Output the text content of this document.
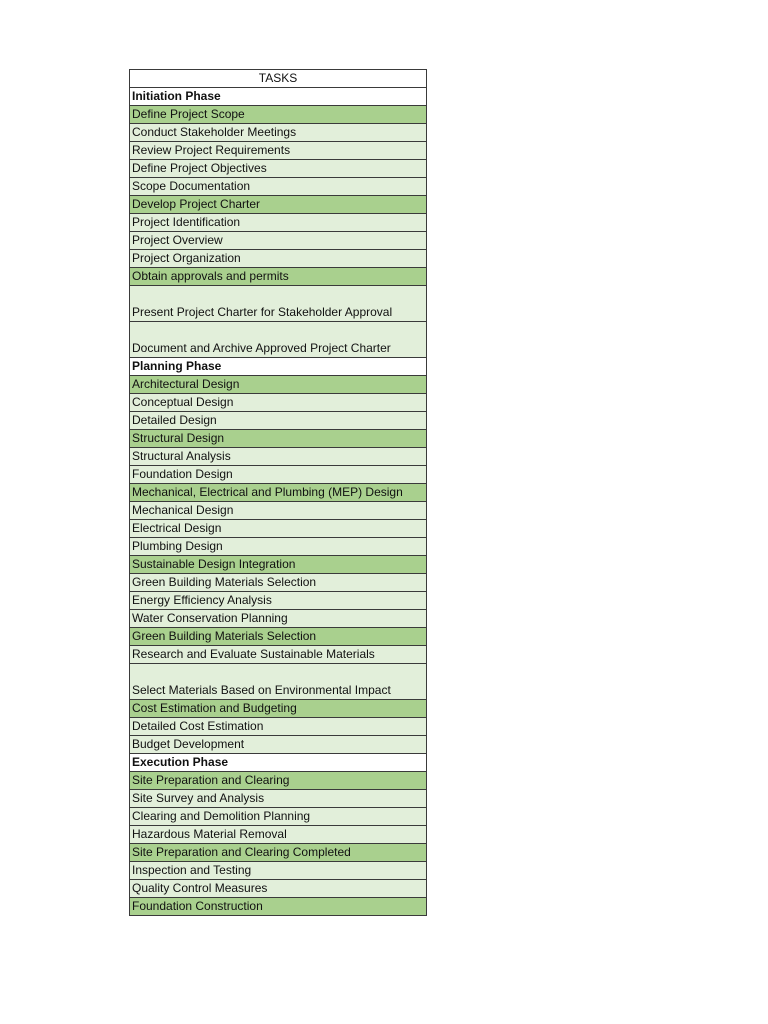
TASKS
Initiation Phase
Define Project Scope
Conduct Stakeholder Meetings
Review Project Requirements
Define Project Objectives
Scope Documentation
Develop Project Charter
Project Identification
Project Overview
Project Organization
Obtain approvals and permits
Present Project Charter for Stakeholder Approval
Document and Archive Approved Project Charter
Planning Phase
Architectural Design
Conceptual Design
Detailed Design
Structural Design
Structural Analysis
Foundation Design
Mechanical, Electrical and Plumbing (MEP) Design
Mechanical Design
Electrical Design
Plumbing Design
Sustainable Design Integration
Green Building Materials Selection
Energy Efficiency Analysis
Water Conservation Planning
Green Building Materials Selection
Research and Evaluate Sustainable Materials
Select Materials Based on Environmental Impact
Cost Estimation and Budgeting
Detailed Cost Estimation
Budget Development
Execution Phase
Site Preparation and Clearing
Site Survey and Analysis
Clearing and Demolition Planning
Hazardous Material Removal
Site Preparation and Clearing Completed
Inspection and Testing
Quality Control Measures
Foundation Construction
